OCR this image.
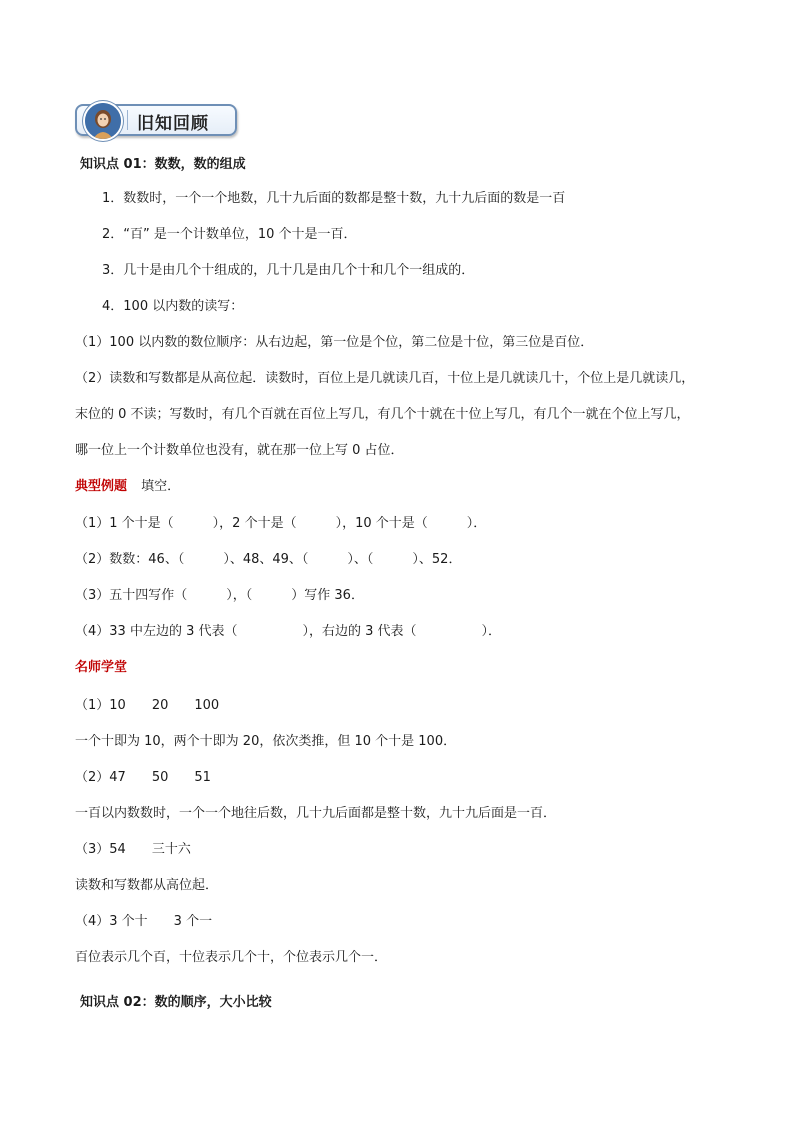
旧知回顾
知识点 01：数数，数的组成
1．数数时，一个一个地数，几十九后面的数都是整十数，九十九后面的数是一百
2．“百” 是一个计数单位，10 个十是一百．
3．几十是由几个十组成的，几十几是由几个十和几个一组成的．
4．100 以内数的读写：
（1）100 以内数的数位顺序：从右边起，第一位是个位，第二位是十位，第三位是百位．
（2）读数和写数都是从高位起．读数时，百位上是几就读几百，十位上是几就读几十，个位上是几就读几，
末位的 0 不读；写数时，有几个百就在百位上写几，有几个十就在十位上写几，有几个一就在个位上写几，
哪一位上一个计数单位也没有，就在那一位上写 0 占位．
典型例题 填空．
（1）1 个十是（　　　），2 个十是（　　　），10 个十是（　　　）．
（2）数数：46、（　　　）、48、49、（　　　）、（　　　）、52．
（3）五十四写作（　　　），（　　　）写作 36．
（4）33 中左边的 3 代表（　　　　　），右边的 3 代表（　　　　　）．
名师学堂
（1）10　　20　　100
一个十即为 10，两个十即为 20，依次类推，但 10 个十是 100．
（2）47　　50　　51
一百以内数数时，一个一个地往后数，几十九后面都是整十数，九十九后面是一百．
（3）54　　三十六
读数和写数都从高位起．
（4）3 个十　　3 个一
百位表示几个百，十位表示几个十，个位表示几个一．
知识点 02：数的顺序，大小比较
